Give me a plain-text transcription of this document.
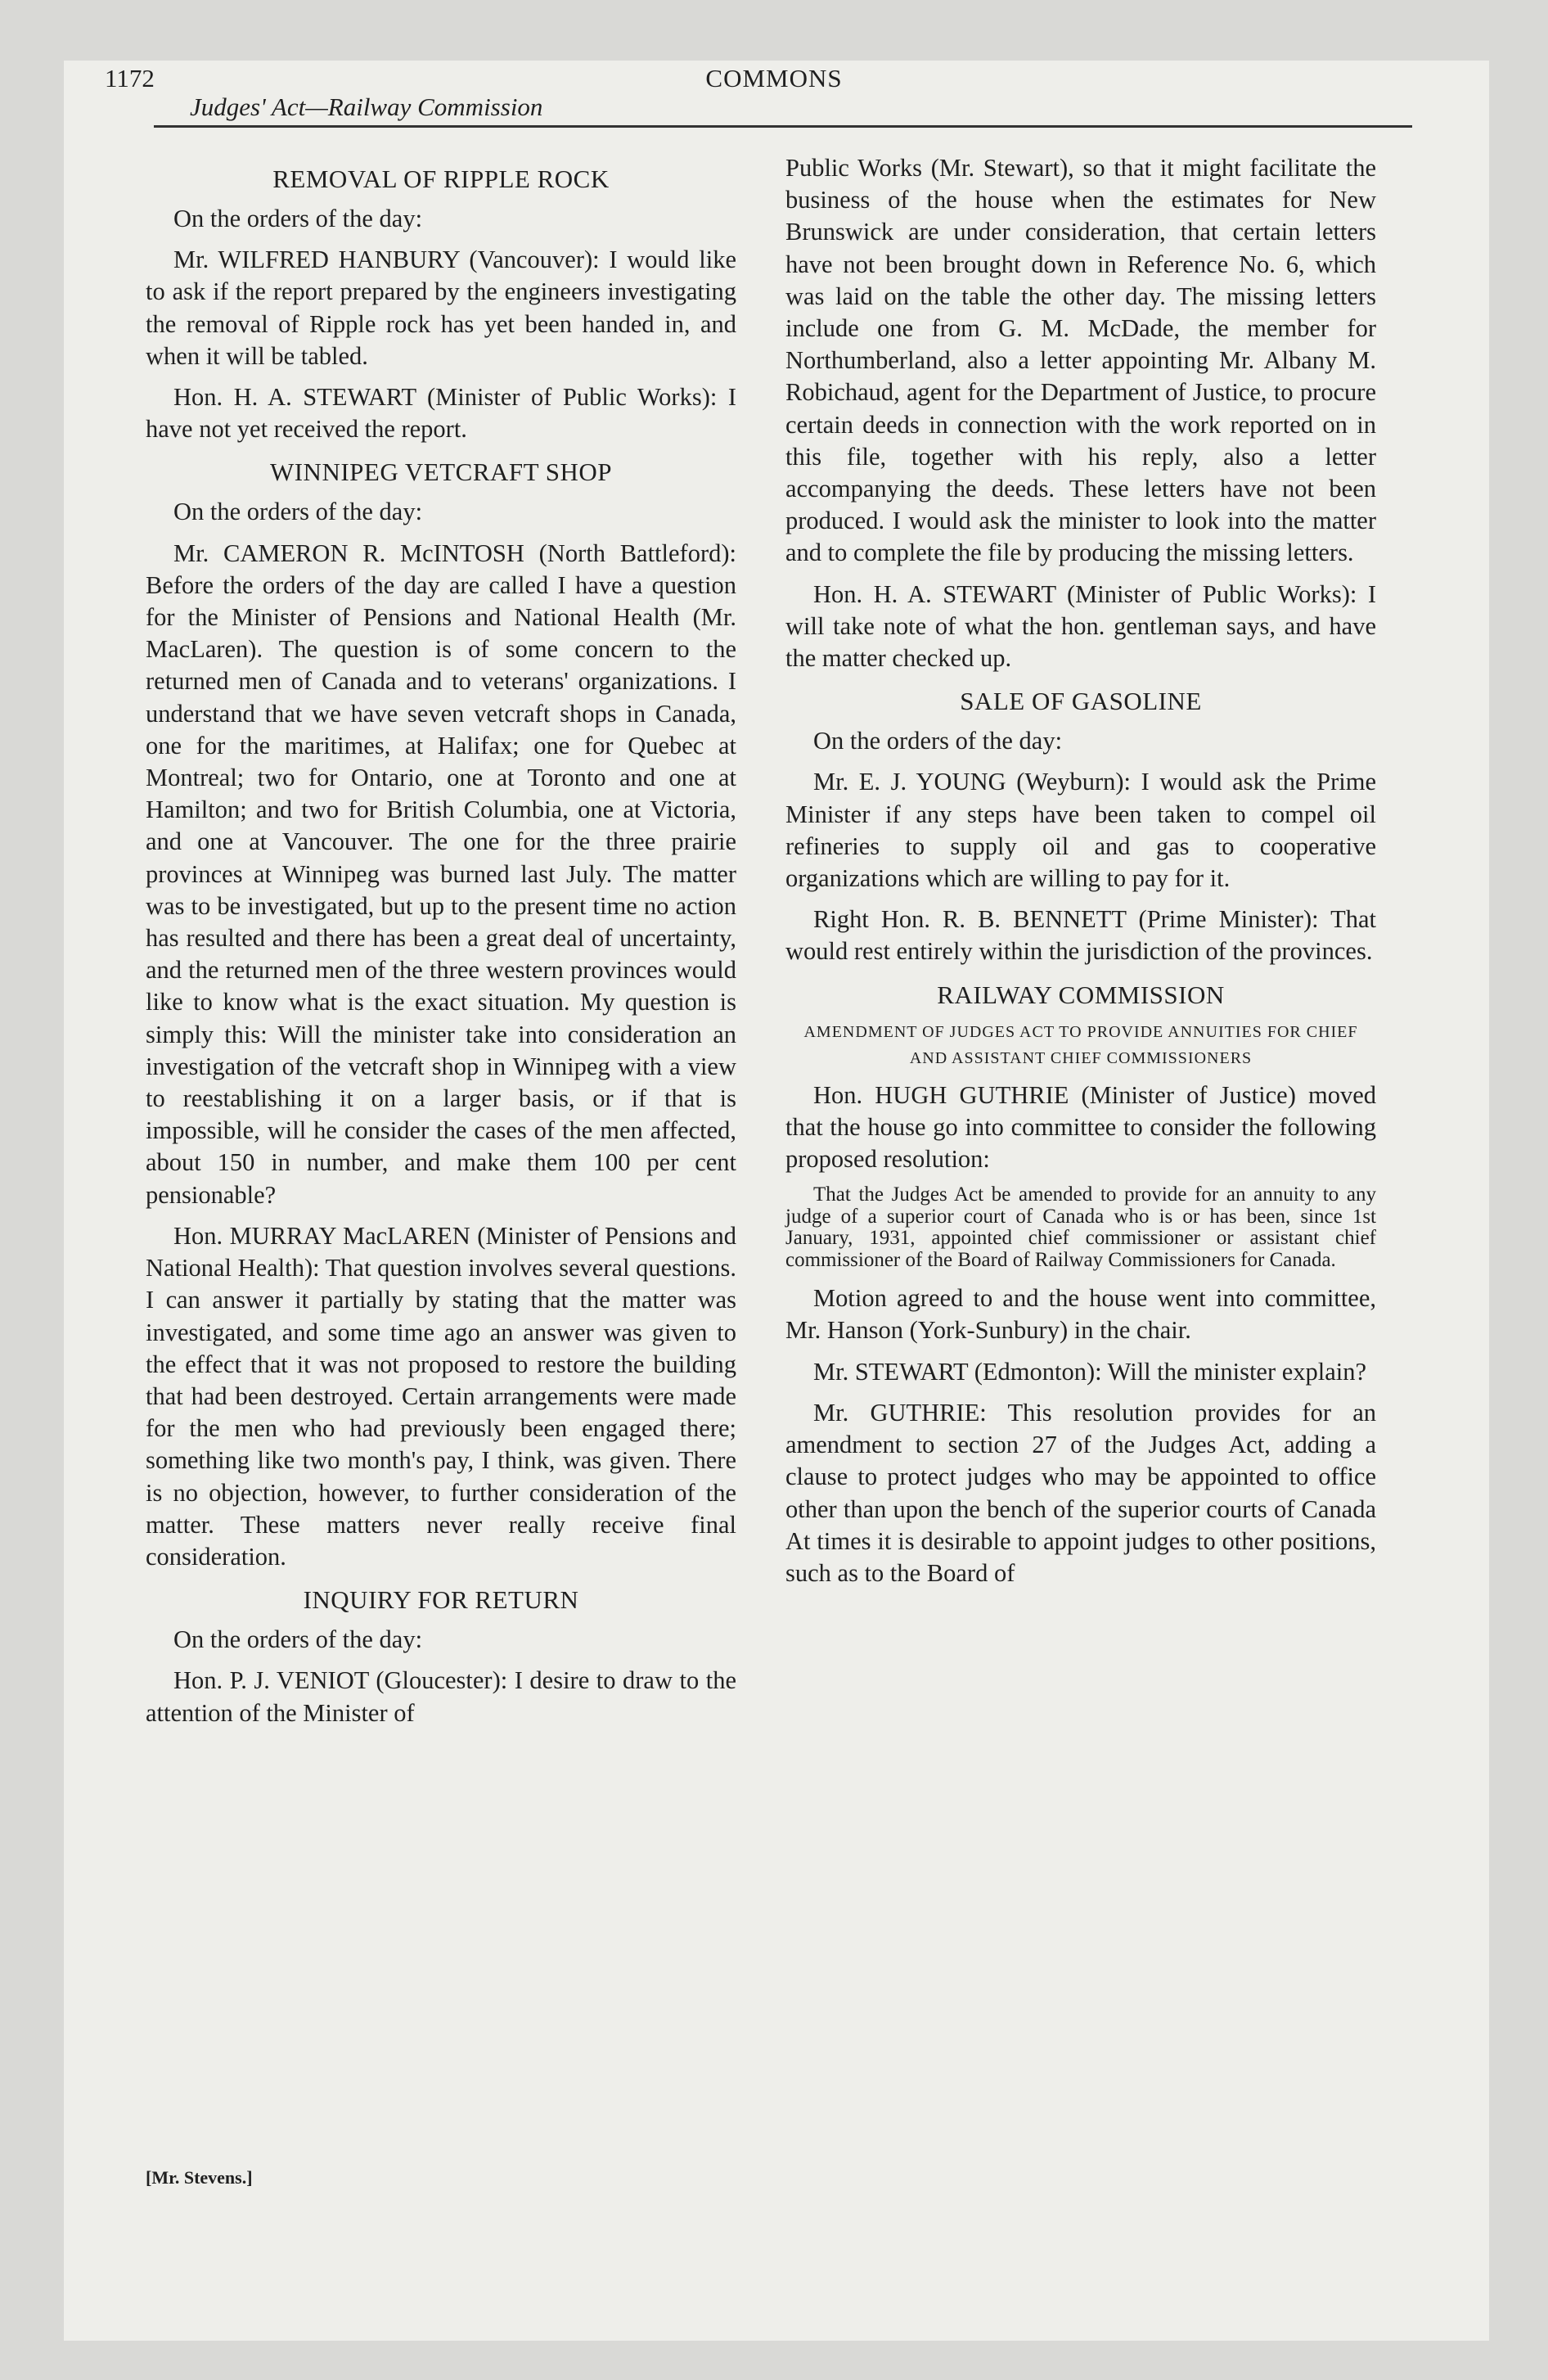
1172	COMMONS
Judges' Act—Railway Commission
REMOVAL OF RIPPLE ROCK

On the orders of the day:

Mr. WILFRED HANBURY (Vancouver): I would like to ask if the report prepared by the engineers investigating the removal of Ripple rock has yet been handed in, and when it will be tabled.

Hon. H. A. STEWART (Minister of Public Works): I have not yet received the report.

WINNIPEG VETCRAFT SHOP

On the orders of the day:

Mr. CAMERON R. McINTOSH (North Battleford): Before the orders of the day are called I have a question for the Minister of Pensions and National Health (Mr. MacLaren). The question is of some concern to the returned men of Canada and to veterans' organizations. I understand that we have seven vetcraft shops in Canada, one for the maritimes, at Halifax; one for Quebec at Montreal; two for Ontario, one at Toronto and one at Hamilton; and two for British Columbia, one at Victoria, and one at Vancouver. The one for the three prairie provinces at Winnipeg was burned last July. The matter was to be investigated, but up to the present time no action has resulted and there has been a great deal of uncertainty, and the returned men of the three western provinces would like to know what is the exact situation. My question is simply this: Will the minister take into consideration an investigation of the vetcraft shop in Winnipeg with a view to reestablishing it on a larger basis, or if that is impossible, will he consider the cases of the men affected, about 150 in number, and make them 100 per cent pensionable?

Hon. MURRAY MacLAREN (Minister of Pensions and National Health): That question involves several questions. I can answer it partially by stating that the matter was investigated, and some time ago an answer was given to the effect that it was not proposed to restore the building that had been destroyed. Certain arrangements were made for the men who had previously been engaged there; something like two month's pay, I think, was given. There is no objection, however, to further consideration of the matter. These matters never really receive final consideration.

INQUIRY FOR RETURN

On the orders of the day:

Hon. P. J. VENIOT (Gloucester): I desire to draw to the attention of the Minister of

Public Works (Mr. Stewart), so that it might facilitate the business of the house when the estimates for New Brunswick are under consideration, that certain letters have not been brought down in Reference No. 6, which was laid on the table the other day. The missing letters include one from G. M. McDade, the member for Northumberland, also a letter appointing Mr. Albany M. Robichaud, agent for the Department of Justice, to procure certain deeds in connection with the work reported on in this file, together with his reply, also a letter accompanying the deeds. These letters have not been produced. I would ask the minister to look into the matter and to complete the file by producing the missing letters.

Hon. H. A. STEWART (Minister of Public Works): I will take note of what the hon. gentleman says, and have the matter checked up.

SALE OF GASOLINE

On the orders of the day:

Mr. E. J. YOUNG (Weyburn): I would ask the Prime Minister if any steps have been taken to compel oil refineries to supply oil and gas to cooperative organizations which are willing to pay for it.

Right Hon. R. B. BENNETT (Prime Minister): That would rest entirely within the jurisdiction of the provinces.

RAILWAY COMMISSION
AMENDMENT OF JUDGES ACT TO PROVIDE ANNUITIES FOR CHIEF AND ASSISTANT CHIEF COMMISSIONERS

Hon. HUGH GUTHRIE (Minister of Justice) moved that the house go into committee to consider the following proposed resolution:

That the Judges Act be amended to provide for an annuity to any judge of a superior court of Canada who is or has been, since 1st January, 1931, appointed chief commissioner or assistant chief commissioner of the Board of Railway Commissioners for Canada.

Motion agreed to and the house went into committee, Mr. Hanson (York-Sunbury) in the chair.

Mr. STEWART (Edmonton): Will the minister explain?

Mr. GUTHRIE: This resolution provides for an amendment to section 27 of the Judges Act, adding a clause to protect judges who may be appointed to office other than upon the bench of the superior courts of Canada At times it is desirable to appoint judges to other positions, such as to the Board of

[Mr. Stevens.]
